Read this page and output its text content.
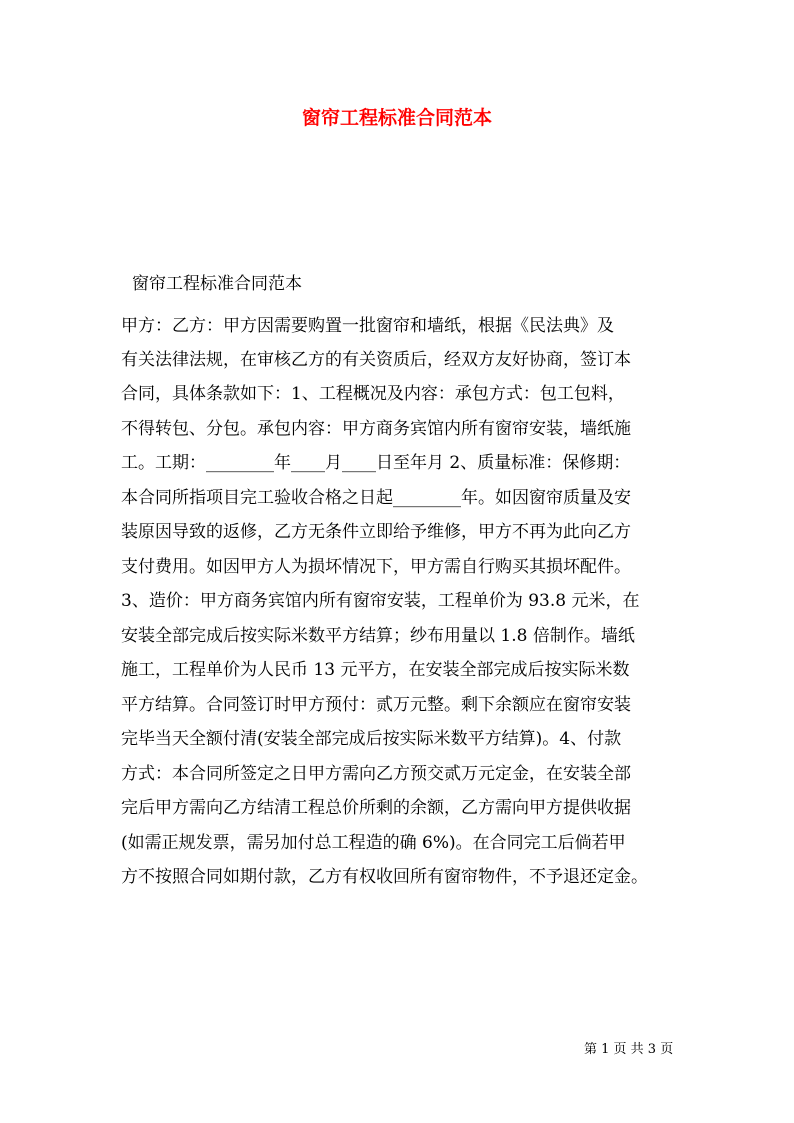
窗帘工程标准合同范本
窗帘工程标准合同范本
甲方：乙方：甲方因需要购置一批窗帘和墙纸，根据《民法典》及
有关法律法规，在审核乙方的有关资质后，经双方友好协商，签订本
合同，具体条款如下：1、工程概况及内容：承包方式：包工包料，
不得转包、分包。承包内容：甲方商务宾馆内所有窗帘安装，墙纸施
工。工期：________年____月____日至年月 2、质量标准：保修期：
本合同所指项目完工验收合格之日起________年。如因窗帘质量及安
装原因导致的返修，乙方无条件立即给予维修，甲方不再为此向乙方
支付费用。如因甲方人为损坏情况下，甲方需自行购买其损坏配件。
3、造价：甲方商务宾馆内所有窗帘安装，工程单价为 93.8 元米，在
安装全部完成后按实际米数平方结算；纱布用量以 1.8 倍制作。墙纸
施工，工程单价为人民币 13 元平方，在安装全部完成后按实际米数
平方结算。合同签订时甲方预付：贰万元整。剩下余额应在窗帘安装
完毕当天全额付清(安装全部完成后按实际米数平方结算)。4、付款
方式：本合同所签定之日甲方需向乙方预交贰万元定金，在安装全部
完后甲方需向乙方结清工程总价所剩的余额，乙方需向甲方提供收据
(如需正规发票，需另加付总工程造的确 6%)。在合同完工后倘若甲
方不按照合同如期付款，乙方有权收回所有窗帘物件，不予退还定金。
第 1 页 共 3 页
